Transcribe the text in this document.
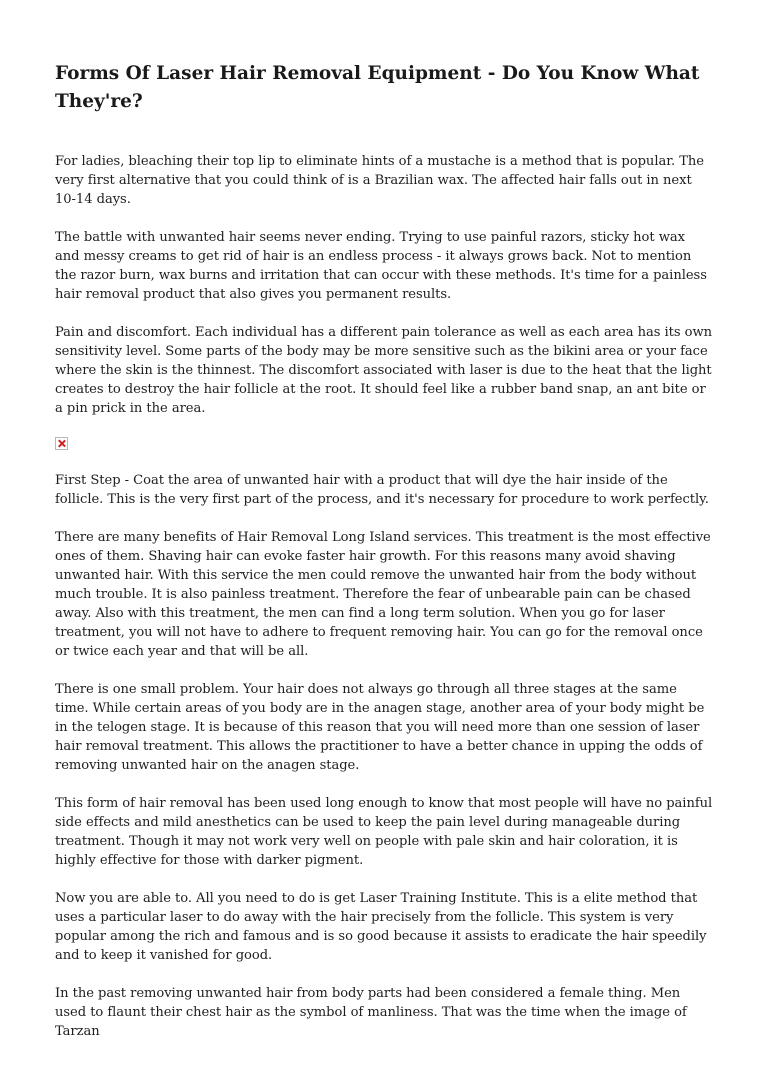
Forms Of Laser Hair Removal Equipment - Do You Know What They're?

For ladies, bleaching their top lip to eliminate hints of a mustache is a method that is popular. The very first alternative that you could think of is a Brazilian wax. The affected hair falls out in next 10-14 days.

The battle with unwanted hair seems never ending. Trying to use painful razors, sticky hot wax and messy creams to get rid of hair is an endless process - it always grows back. Not to mention the razor burn, wax burns and irritation that can occur with these methods. It's time for a painless hair removal product that also gives you permanent results.

Pain and discomfort. Each individual has a different pain tolerance as well as each area has its own sensitivity level. Some parts of the body may be more sensitive such as the bikini area or your face where the skin is the thinnest. The discomfort associated with laser is due to the heat that the light creates to destroy the hair follicle at the root. It should feel like a rubber band snap, an ant bite or a pin prick in the area.

First Step - Coat the area of unwanted hair with a product that will dye the hair inside of the follicle. This is the very first part of the process, and it's necessary for procedure to work perfectly.

There are many benefits of Hair Removal Long Island services. This treatment is the most effective ones of them. Shaving hair can evoke faster hair growth. For this reasons many avoid shaving unwanted hair. With this service the men could remove the unwanted hair from the body without much trouble. It is also painless treatment. Therefore the fear of unbearable pain can be chased away. Also with this treatment, the men can find a long term solution. When you go for laser treatment, you will not have to adhere to frequent removing hair. You can go for the removal once or twice each year and that will be all.

There is one small problem. Your hair does not always go through all three stages at the same time. While certain areas of you body are in the anagen stage, another area of your body might be in the telogen stage. It is because of this reason that you will need more than one session of laser hair removal treatment. This allows the practitioner to have a better chance in upping the odds of removing unwanted hair on the anagen stage.

This form of hair removal has been used long enough to know that most people will have no painful side effects and mild anesthetics can be used to keep the pain level during manageable during treatment. Though it may not work very well on people with pale skin and hair coloration, it is highly effective for those with darker pigment.

Now you are able to. All you need to do is get Laser Training Institute. This is a elite method that uses a particular laser to do away with the hair precisely from the follicle. This system is very popular among the rich and famous and is so good because it assists to eradicate the hair speedily and to keep it vanished for good.

In the past removing unwanted hair from body parts had been considered a female thing. Men used to flaunt their chest hair as the symbol of manliness. That was the time when the image of Tarzan
